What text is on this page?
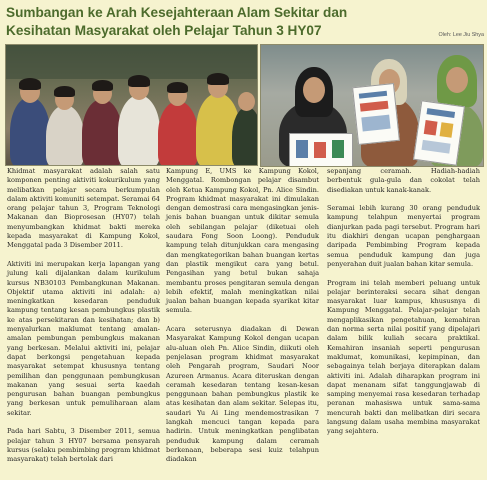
Sumbangan ke Arah Kesejahteraan Alam Sekitar dan Kesihatan Masyarakat oleh Pelajar Tahun 3 HY07	Oleh: Lee Jiu Shya

Khidmat masyarakat adalah salah satu komponen penting aktiviti kokurikulum yang melibatkan pelajar secara berkumpulan dalam aktiviti komuniti setempat. Seramai 64 orang pelajar tahun 3, Program Teknologi Makanan dan Bioprosesan (HY07) telah menyumbangkan khidmat bakti mereka kepada masyarakat di Kampung Kokol, Menggatal pada 3 Disember 2011.

Aktiviti ini merupakan kerja lapangan yang julung kali dijalankan dalam kurikulum kursus NB30103 Pembangkunan Makanan. Objektif utama aktiviti ini adalah: a) meningkatkan kesedaran penduduk kampung tentang kesan pembungkus plastik ke atas persekitaran dan kesihatan; dan b) menyalurkan maklumat tentang amalan-amalan pembungan pembungkus makanan yang berkesan. Melalui aktiviti ini, pelajar dapat berkongsi pengetahuan kepada masyarakat setempat khususnya tentang pemilihan dan penggunaan pembungkusan makanan yang sesuai serta kaedah pengurusan bahan buangan pembungkus yang berkesan untuk pemuliharaan alam sekitar.

Pada hari Sabtu, 3 Disember 2011, semua pelajar tahun 3 HY07 bersama pensyarah kursus (selaku pembimbing program khidmat masyarakat) telah bertolak dari

Kampung E, UMS ke Kampung Kokol, Menggatal. Rombongan pelajar disambut oleh Ketua Kampung Kokol, Pn. Alice Sindin. Program khidmat masyarakat ini dimulakan dengan demostrasi cara mengasingkan jenis-jenis bahan buangan untuk dikitar semula oleh sebilangan pelajar (diketuai oleh saudara Fong Soon Loong). Penduduk kampung telah ditunjukkan cara mengasing dan mengkategorikan bahan buangan kertas dan plastik mengikut cara yang betul. Pengasihan yang betul bukan sahaja membantu proses pengitaran semula dengan lebih efektif, malah meningkatkan nilai jualan bahan buangan kepada syarikat kitar semula.

Acara seterusnya diadakan di Dewan Masyarakat Kampung Kokol dengan ucapan alu-aluan oleh Pn. Alice Sindin, diikuti oleh penjelasan program khidmat masyarakat oleh Pengarah program, Saudari Noor Azureen Armanus. Acara diteruskan dengan ceramah kesedaran tentang kesan-kesan penggunaan bahan pembungkus plastik ke atas kesihatan dan alam sekitar. Selepas itu, saudari Yu Ai Ling mendemostrasikan 7 langkah mencuci tangan kepada para hadirin. Untuk meningkatkan penglibatan penduduk kampung dalam ceramah berkenaan, beberapa sesi kuiz telahpun diadakan

sepanjang ceramah. Hadiah-hadiah berbentuk gula-gula dan cokolat telah disediakan untuk kanak-kanak.

Seramai lebih kurang 30 orang penduduk kampung telahpun menyertai program dianjurkan pada pagi tersebut. Program hari itu diakhiri dengan ucapan penghargaan daripada Pembimbing Program kepada semua penduduk kampung dan juga penyerahan duit jualan bahan kitar semula.

Program ini telah memberi peluang untuk pelajar berinteraksi secara sihat dengan masyarakat luar kampus, khususnya di Kampung Menggatal. Pelajar-pelajar telah mengaplikasikan pengetahuan, kemahiran dan norma serta nilai positif yang dipelajari dalam bilik kuliah secara praktikal. Kemahiran insaniah seperti pengurusan maklumat, komunikasi, kepimpinan, dan sebagainya telah berjaya diterapkan dalam aktiviti ini. Adalah diharapkan program ini dapat menanam sifat tanggungjawab di samping menyemai rasa kesedaran terhadap peranan mahasiswa untuk sama-sama mencurah bakti dan melibatkan diri secara langsung dalam usaha membina masyarakat yang sejahtera.
